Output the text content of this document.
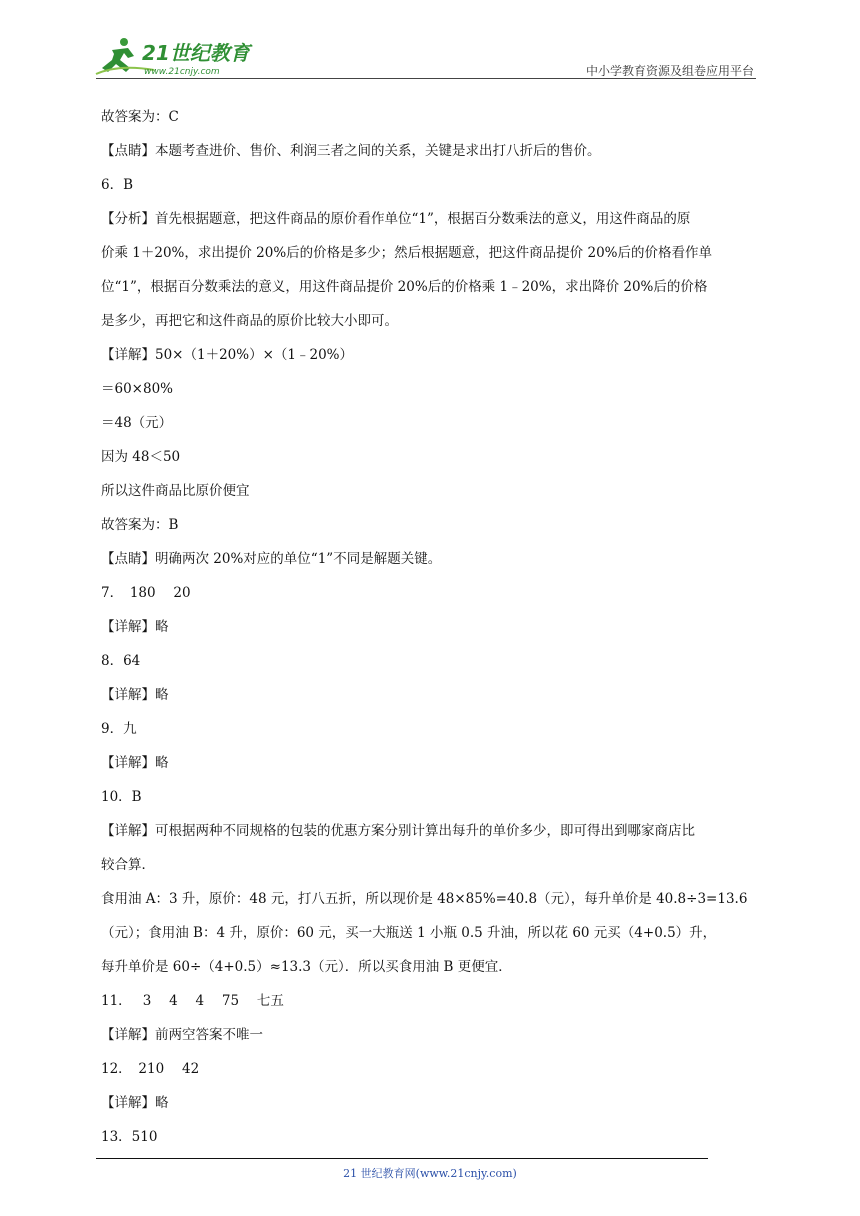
21世纪教育
www.21cnjy.com	中小学教育资源及组卷应用平台
故答案为：C
【点睛】本题考查进价、售价、利润三者之间的关系，关键是求出打八折后的售价。
6．B
【分析】首先根据题意，把这件商品的原价看作单位“1”，根据百分数乘法的意义，用这件商品的原
价乘 1＋20%，求出提价 20%后的价格是多少；然后根据题意，把这件商品提价 20%后的价格看作单
位“1”，根据百分数乘法的意义，用这件商品提价 20%后的价格乘 1﹣20%，求出降价 20%后的价格
是多少，再把它和这件商品的原价比较大小即可。
【详解】50×（1＋20%）×（1﹣20%）
＝60×80%
＝48（元）
因为 48＜50
所以这件商品比原价便宜
故答案为：B
【点睛】明确两次 20%对应的单位“1”不同是解题关键。
7．　180　 20
【详解】略
8．64
【详解】略
9．九
【详解】略
10．B
【详解】可根据两种不同规格的包装的优惠方案分别计算出每升的单价多少，即可得出到哪家商店比
较合算．
食用油 A：3 升，原价：48 元，打八五折，所以现价是 48×85%=40.8（元），每升单价是 40.8÷3=13.6
（元）；食用油 B：4 升，原价：60 元，买一大瓶送 1 小瓶 0.5 升油，所以花 60 元买（4+0.5）升，
每升单价是 60÷（4+0.5）≈13.3（元）．所以买食用油 B 更便宜．
11．　 3　 4　 4　 75　 七五
【详解】前两空答案不唯一
12．　210　 42
【详解】略
13．510
21 世纪教育网(www.21cnjy.com)
